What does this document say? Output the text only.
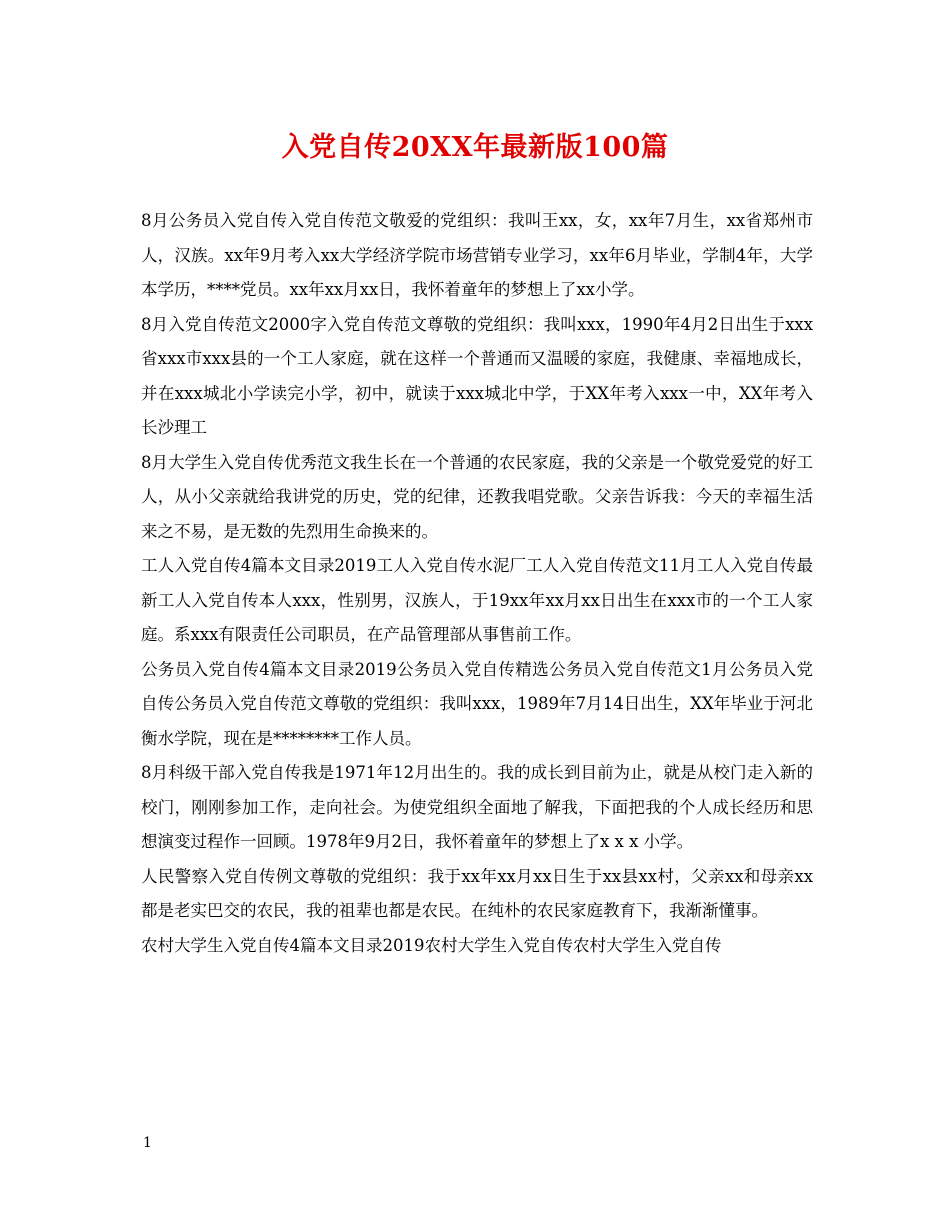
入党自传20XX年最新版100篇

8月公务员入党自传入党自传范文敬爱的党组织：我叫王xx，女，xx年7月生，xx省郑州市人，汉族。xx年9月考入xx大学经济学院市场营销专业学习，xx年6月毕业，学制4年，大学本学历，****党员。xx年xx月xx日，我怀着童年的梦想上了xx小学。

8月入党自传范文2000字入党自传范文尊敬的党组织：我叫xxx，1990年4月2日出生于xxx省xxx市xxx县的一个工人家庭，就在这样一个普通而又温暖的家庭，我健康、幸福地成长，并在xxx城北小学读完小学，初中，就读于xxx城北中学，于XX年考入xxx一中，XX年考入长沙理工

8月大学生入党自传优秀范文我生长在一个普通的农民家庭，我的父亲是一个敬党爱党的好工人，从小父亲就给我讲党的历史，党的纪律，还教我唱党歌。父亲告诉我：今天的幸福生活来之不易，是无数的先烈用生命换来的。

工人入党自传4篇本文目录2019工人入党自传水泥厂工人入党自传范文11月工人入党自传最新工人入党自传本人xxx，性别男，汉族人，于19xx年xx月xx日出生在xxx市的一个工人家庭。系xxx有限责任公司职员，在产品管理部从事售前工作。

公务员入党自传4篇本文目录2019公务员入党自传精选公务员入党自传范文1月公务员入党自传公务员入党自传范文尊敬的党组织：我叫xxx，1989年7月14日出生，XX年毕业于河北衡水学院，现在是********工作人员。

8月科级干部入党自传我是1971年12月出生的。我的成长到目前为止，就是从校门走入新的校门，刚刚参加工作，走向社会。为使党组织全面地了解我，下面把我的个人成长经历和思想演变过程作一回顾。1978年9月2日，我怀着童年的梦想上了x x x 小学。

人民警察入党自传例文尊敬的党组织：我于xx年xx月xx日生于xx县xx村，父亲xx和母亲xx都是老实巴交的农民，我的祖辈也都是农民。在纯朴的农民家庭教育下，我渐渐懂事。

农村大学生入党自传4篇本文目录2019农村大学生入党自传农村大学生入党自传

1
